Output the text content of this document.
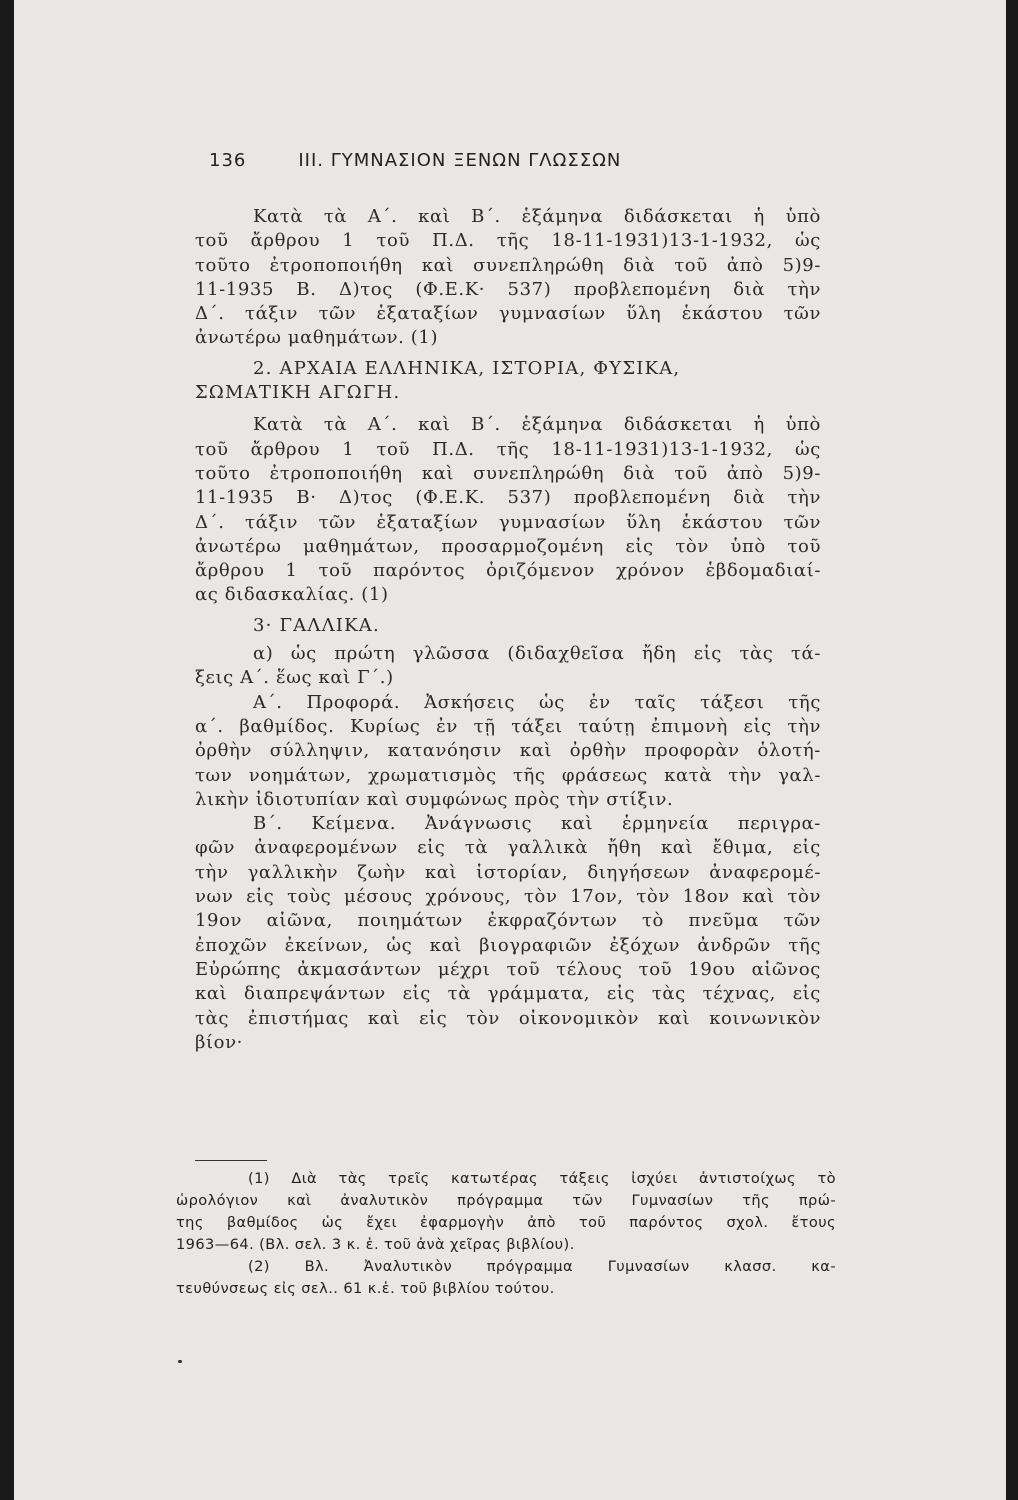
136	ΙΙΙ. ΓΥΜΝΑΣΙΟΝ ΞΕΝΩΝ ΓΛΩΣΣΩΝ
Κατὰ τὰ Α΄. καὶ Β΄. ἑξάμηνα διδάσκεται ἡ ὑπὸ
τοῦ ἄρθρου 1 τοῦ Π.Δ. τῆς 18-11-1931)13-1-1932, ὡς
τοῦτο ἐτροποποιήθη καὶ συνεπληρώθη διὰ τοῦ ἀπὸ 5)9-
11-1935 Β. Δ)τος (Φ.Ε.Κ· 537) προβλεπομένη διὰ τὴν
Δ΄. τάξιν τῶν ἑξαταξίων γυμνασίων ὕλη ἑκάστου τῶν
ἀνωτέρω μαθημάτων. (1)
2. ΑΡΧΑΙΑ ΕΛΛΗΝΙΚΑ, ΙΣΤΟΡΙΑ, ΦΥΣΙΚΑ,
ΣΩΜΑΤΙΚΗ ΑΓΩΓΗ.
Κατὰ τὰ Α΄. καὶ Β΄. ἑξάμηνα διδάσκεται ἡ ὑπὸ
τοῦ ἄρθρου 1 τοῦ Π.Δ. τῆς 18-11-1931)13-1-1932, ὡς
τοῦτο ἐτροποποιήθη καὶ συνεπληρώθη διὰ τοῦ ἀπὸ 5)9-
11-1935 Β· Δ)τος (Φ.Ε.Κ. 537) προβλεπομένη διὰ τὴν
Δ΄. τάξιν τῶν ἑξαταξίων γυμνασίων ὕλη ἑκάστου τῶν
ἀνωτέρω μαθημάτων, προσαρμοζομένη εἰς τὸν ὑπὸ τοῦ
ἄρθρου 1 τοῦ παρόντος ὁριζόμενον χρόνον ἑβδομαδιαί-
ας διδασκαλίας. (1)
3· ΓΑΛΛΙΚΑ.
α) ὡς πρώτη γλῶσσα (διδαχθεῖσα ἤδη εἰς τὰς τά-
ξεις Α΄. ἕως καὶ Γ΄.)
Α΄. Προφορά. Ἀσκήσεις ὡς ἐν ταῖς τάξεσι τῆς
α΄. βαθμίδος. Κυρίως ἐν τῇ τάξει ταύτῃ ἐπιμονὴ εἰς τὴν
ὀρθὴν σύλληψιν, κατανόησιν καὶ ὀρθὴν προφορὰν ὁλοτή-
των νοημάτων, χρωματισμὸς τῆς φράσεως κατὰ τὴν γαλ-
λικὴν ἰδιοτυπίαν καὶ συμφώνως πρὸς τὴν στίξιν.
Β΄. Κείμενα. Ἀνάγνωσις καὶ ἑρμηνεία περιγρα-
φῶν ἀναφερομένων εἰς τὰ γαλλικὰ ἤθη καὶ ἔθιμα, εἰς
τὴν γαλλικὴν ζωὴν καὶ ἱστορίαν, διηγήσεων ἀναφερομέ-
νων εἰς τοὺς μέσους χρόνους, τὸν 17ον, τὸν 18ον καὶ τὸν
19ον αἰῶνα, ποιημάτων ἐκφραζόντων τὸ πνεῦμα τῶν
ἐποχῶν ἐκείνων, ὡς καὶ βιογραφιῶν ἐξόχων ἀνδρῶν τῆς
Εὐρώπης ἀκμασάντων μέχρι τοῦ τέλους τοῦ 19ου αἰῶνος
καὶ διαπρεψάντων εἰς τὰ γράμματα, εἰς τὰς τέχνας, εἰς
τὰς ἐπιστήμας καὶ εἰς τὸν οἰκονομικὸν καὶ κοινωνικὸν
βίον·
(1) Διὰ τὰς τρεῖς κατωτέρας τάξεις ἰσχύει ἀντιστοίχως τὸ
ὡρολόγιον καὶ ἀναλυτικὸν πρόγραμμα τῶν Γυμνασίων τῆς πρώ-
της βαθμίδος ὡς ἔχει ἐφαρμογὴν ἀπὸ τοῦ παρόντος σχολ. ἔτους
1963—64. (Βλ. σελ. 3 κ. ἑ. τοῦ ἀνὰ χεῖρας βιβλίου).
(2) Βλ. Ἀναλυτικὸν πρόγραμμα Γυμνασίων κλασσ. κα-
τευθύνσεως εἰς σελ.. 61 κ.ἑ. τοῦ βιβλίου τούτου.
